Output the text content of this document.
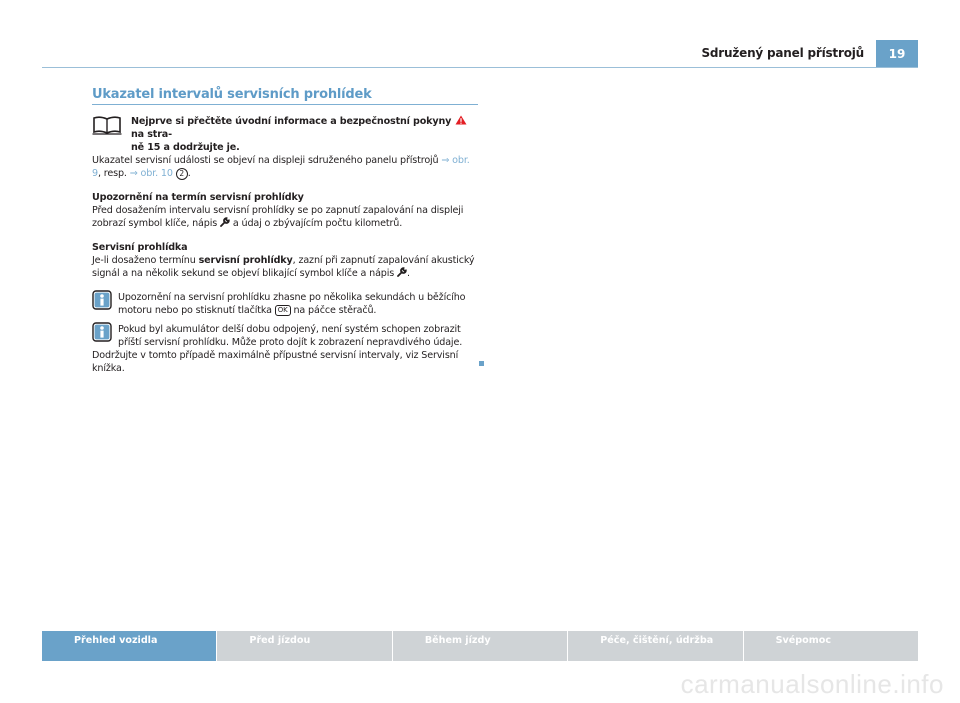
Sdružený panel přístrojů	19
Ukazatel intervalů servisních prohlídek
Nejprve si přečtěte úvodní informace a bezpečnostní pokyny  na stra-
ně 15 a dodržujte je.

Ukazatel servisní události se objeví na displeji sdruženého panelu přístrojů ⇒ obr.
9, resp. ⇒ obr. 10 2 .

Upozornění na termín servisní prohlídky

Před dosažením intervalu servisní prohlídky se po zapnutí zapalování na displeji
zobrazí symbol klíče, nápis a údaj o zbývajícím počtu kilometrů.

Servisní prohlídka

Je-li dosaženo termínu servisní prohlídky, zazní při zapnutí zapalování akustický
signál a na několik sekund se objeví blikající symbol klíče a nápis .

Upozornění na servisní prohlídku zhasne po několika sekundách u běžícího
motoru nebo po stisknutí tlačítka OK na páčce stěračů.

Pokud byl akumulátor delší dobu odpojený, není systém schopen zobrazit
příští servisní prohlídku. Může proto dojít k zobrazení nepravdivého údaje.

Dodržujte v tomto případě maximálně přípustné servisní intervaly, viz Servisní
knížka.

Přehled vozidla	Před jízdou	Během jízdy	Péče, čištění, údržba	Svépomoc
carmanualsonline.info
